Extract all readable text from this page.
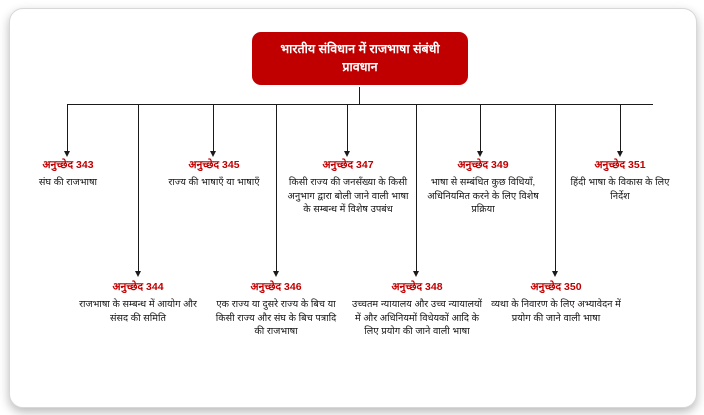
भारतीय संविधान में राजभाषा संबंधी प्रावधान
अनुच्छेद 343
संघ की राजभाषा
अनुच्छेद 345
राज्य की भाषाएँ या भाषाएँ
अनुच्छेद 347
किसी राज्य की जनसँख्या के किसी अनुभाग द्वारा बोली जाने वाली भाषा के सम्बन्ध में विशेष उपबंध
अनुच्छेद 349
भाषा से सम्बंधित कुछ विधियाँ, अधिनियमित करने के लिए विशेष प्रक्रिया
अनुच्छेद 351
हिंदी भाषा के विकास के लिए निर्देश
अनुच्छेद 344
राजभाषा के सम्बन्ध में आयोग और संसद की समिति
अनुच्छेद 346
एक राज्य या दुसरे राज्य के बिच या किसी राज्य और संघ के बिच पत्रादि की राजभाषा
अनुच्छेद 348
उच्चतम न्यायालय और उच्च न्यायालयों में और अधिनियमों विधेयकों आदि के लिए प्रयोग की जाने वाली भाषा
अनुच्छेद 350
व्यथा के निवारण के लिए अभ्यावेदन में प्रयोग की जाने वाली भाषा
